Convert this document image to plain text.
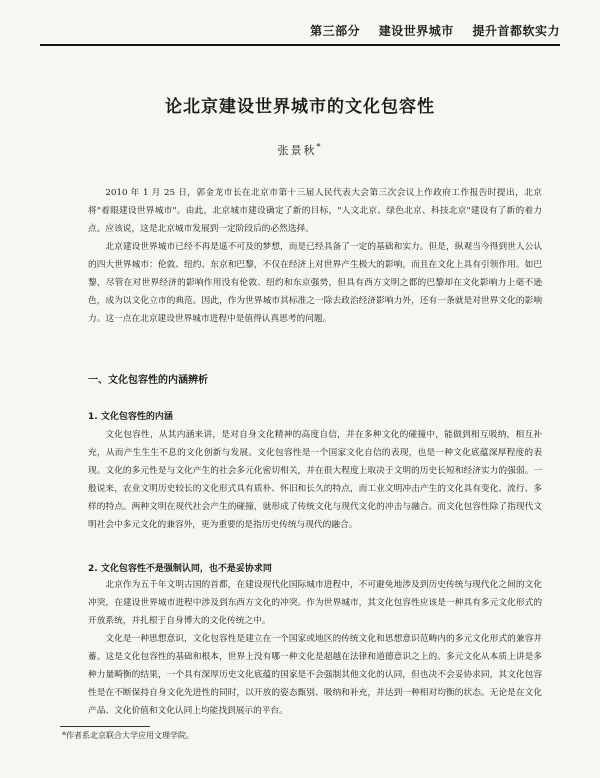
第三部分 建设世界城市 提升首都软实力
论北京建设世界城市的文化包容性
张景秋*

2010 年 1 月 25 日，郭金龙市长在北京市第十三届人民代表大会第三次会议上作政府工作报告时提出，北京将"着眼建设世界城市"。由此，北京城市建设确定了新的目标，"人文北京、绿色北京、科技北京"建设有了新的着力点。应该说，这是北京城市发展到一定阶段后的必然选择。

北京建设世界城市已经不再是遥不可及的梦想，而是已经具备了一定的基础和实力。但是，纵观当今得到世人公认的四大世界城市：伦敦、纽约、东京和巴黎，不仅在经济上对世界产生极大的影响，而且在文化上具有引领作用。如巴黎，尽管在对世界经济的影响作用没有伦敦、纽约和东京强势，但具有西方文明之都的巴黎却在文化影响力上毫不逊色，成为以文化立市的典范。因此，作为世界城市其标准之一除去政治经济影响力外，还有一条就是对世界文化的影响力。这一点在北京建设世界城市进程中是值得认真思考的问题。

一、文化包容性的内涵辨析
1. 文化包容性的内涵

文化包容性，从其内涵来讲，是对自身文化精神的高度自信，并在多种文化的碰撞中，能做到相互吸纳，相互补充，从而产生生生不息的文化创新与发展。文化包容性是一个国家文化自信的表现，也是一种文化底蕴深厚程度的表现。文化的多元性是与文化产生的社会多元化密切相关，并在很大程度上取决于文明的历史长短和经济实力的强弱。一般说来，农业文明历史较长的文化形式具有质朴、怀旧和长久的特点，而工业文明冲击产生的文化具有变化、流行、多样的特点。两种文明在现代社会产生的碰撞，就形成了传统文化与现代文化的冲击与融合。而文化包容性除了指现代文明社会中多元文化的兼容外，更为重要的是指历史传统与现代的融合。

2. 文化包容性不是强制认同，也不是妥协求同

北京作为五千年文明古国的首都，在建设现代化国际城市进程中，不可避免地涉及到历史传统与现代化之间的文化冲突，在建设世界城市进程中涉及到东西方文化的冲突。作为世界城市，其文化包容性应该是一种具有多元文化形式的开放系统，并扎根于自身博大的文化传统之中。

文化是一种思想意识，文化包容性是建立在一个国家或地区的传统文化和思想意识范畴内的多元文化形式的兼容并蓄。这是文化包容性的基础和根本，世界上没有哪一种文化是超越在法律和道德意识之上的。多元文化从本质上讲是多种力量畸衡的结果，一个具有深厚历史文化底蕴的国家是不会强制其他文化的认同，但也决不会妥协求同，其文化包容性是在不断保持自身文化先进性的同时，以开放的姿态甄别、吸纳和补充，并达到一种相对均衡的状态。无论是在文化产品、文化价值和文化认同上均能找到展示的平台。

*作者系北京联合大学应用文理学院。
